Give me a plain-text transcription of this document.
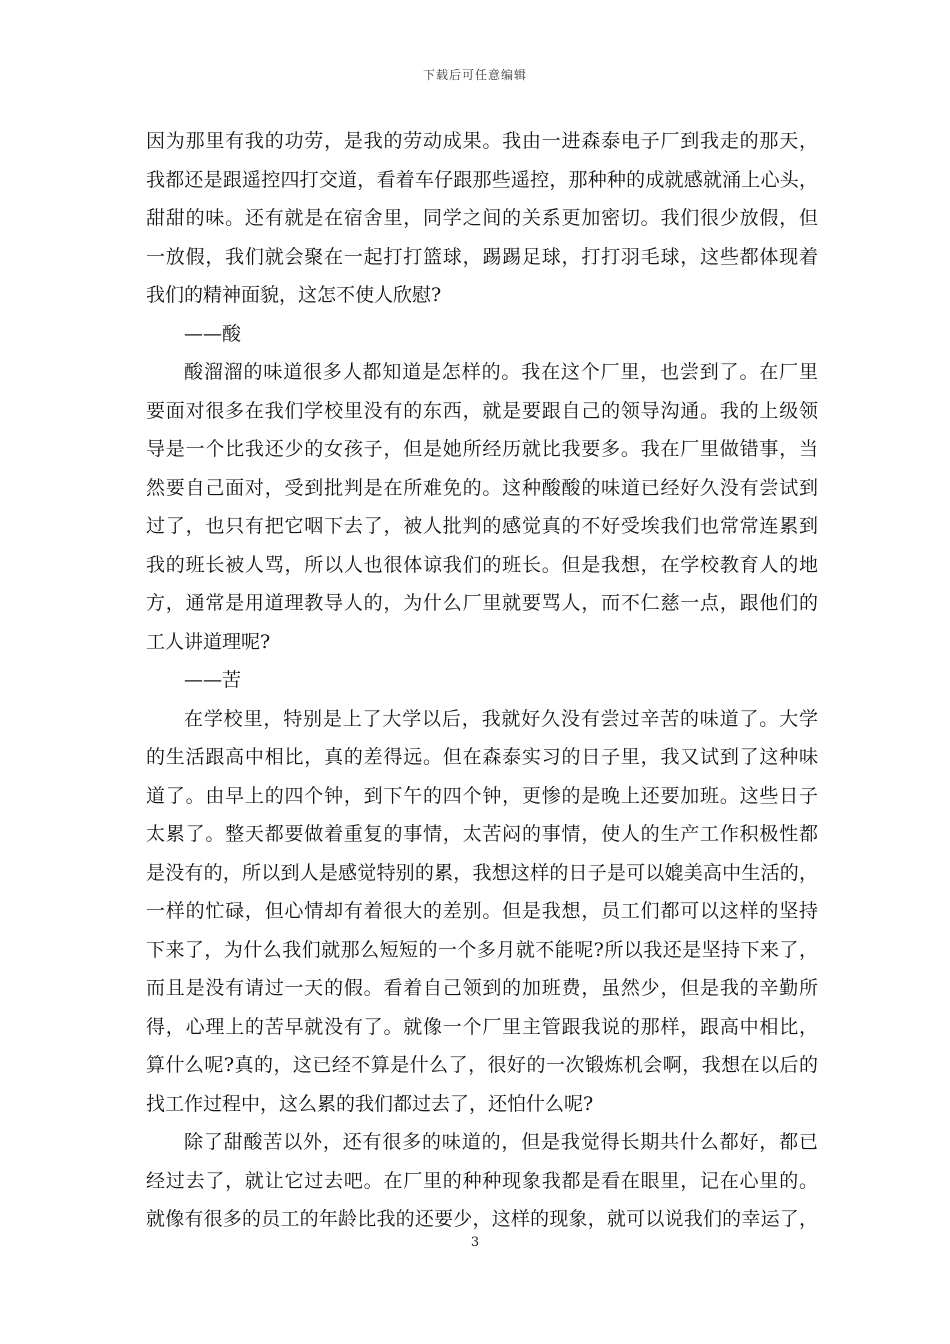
下载后可任意编辑
因为那里有我的功劳，是我的劳动成果。我由一进森泰电子厂到我走的那天，
我都还是跟遥控四打交道，看着车仔跟那些遥控，那种种的成就感就涌上心头，
甜甜的味。还有就是在宿舍里，同学之间的关系更加密切。我们很少放假，但
一放假，我们就会聚在一起打打篮球，踢踢足球，打打羽毛球，这些都体现着
我们的精神面貌，这怎不使人欣慰?
——酸
酸溜溜的味道很多人都知道是怎样的。我在这个厂里，也尝到了。在厂里
要面对很多在我们学校里没有的东西，就是要跟自己的领导沟通。我的上级领
导是一个比我还少的女孩子，但是她所经历就比我要多。我在厂里做错事，当
然要自己面对，受到批判是在所难免的。这种酸酸的味道已经好久没有尝试到
过了，也只有把它咽下去了，被人批判的感觉真的不好受埃我们也常常连累到
我的班长被人骂，所以人也很体谅我们的班长。但是我想，在学校教育人的地
方，通常是用道理教导人的，为什么厂里就要骂人，而不仁慈一点，跟他们的
工人讲道理呢?
——苦
在学校里，特别是上了大学以后，我就好久没有尝过辛苦的味道了。大学
的生活跟高中相比，真的差得远。但在森泰实习的日子里，我又试到了这种味
道了。由早上的四个钟，到下午的四个钟，更惨的是晚上还要加班。这些日子
太累了。整天都要做着重复的事情，太苦闷的事情，使人的生产工作积极性都
是没有的，所以到人是感觉特别的累，我想这样的日子是可以媲美高中生活的，
一样的忙碌，但心情却有着很大的差别。但是我想，员工们都可以这样的坚持
下来了，为什么我们就那么短短的一个多月就不能呢?所以我还是坚持下来了，
而且是没有请过一天的假。看着自己领到的加班费，虽然少，但是我的辛勤所
得，心理上的苦早就没有了。就像一个厂里主管跟我说的那样，跟高中相比，
算什么呢?真的，这已经不算是什么了，很好的一次锻炼机会啊，我想在以后的
找工作过程中，这么累的我们都过去了，还怕什么呢?
除了甜酸苦以外，还有很多的味道的，但是我觉得长期共什么都好，都已
经过去了，就让它过去吧。在厂里的种种现象我都是看在眼里，记在心里的。
就像有很多的员工的年龄比我的还要少，这样的现象，就可以说我们的幸运了，
3
